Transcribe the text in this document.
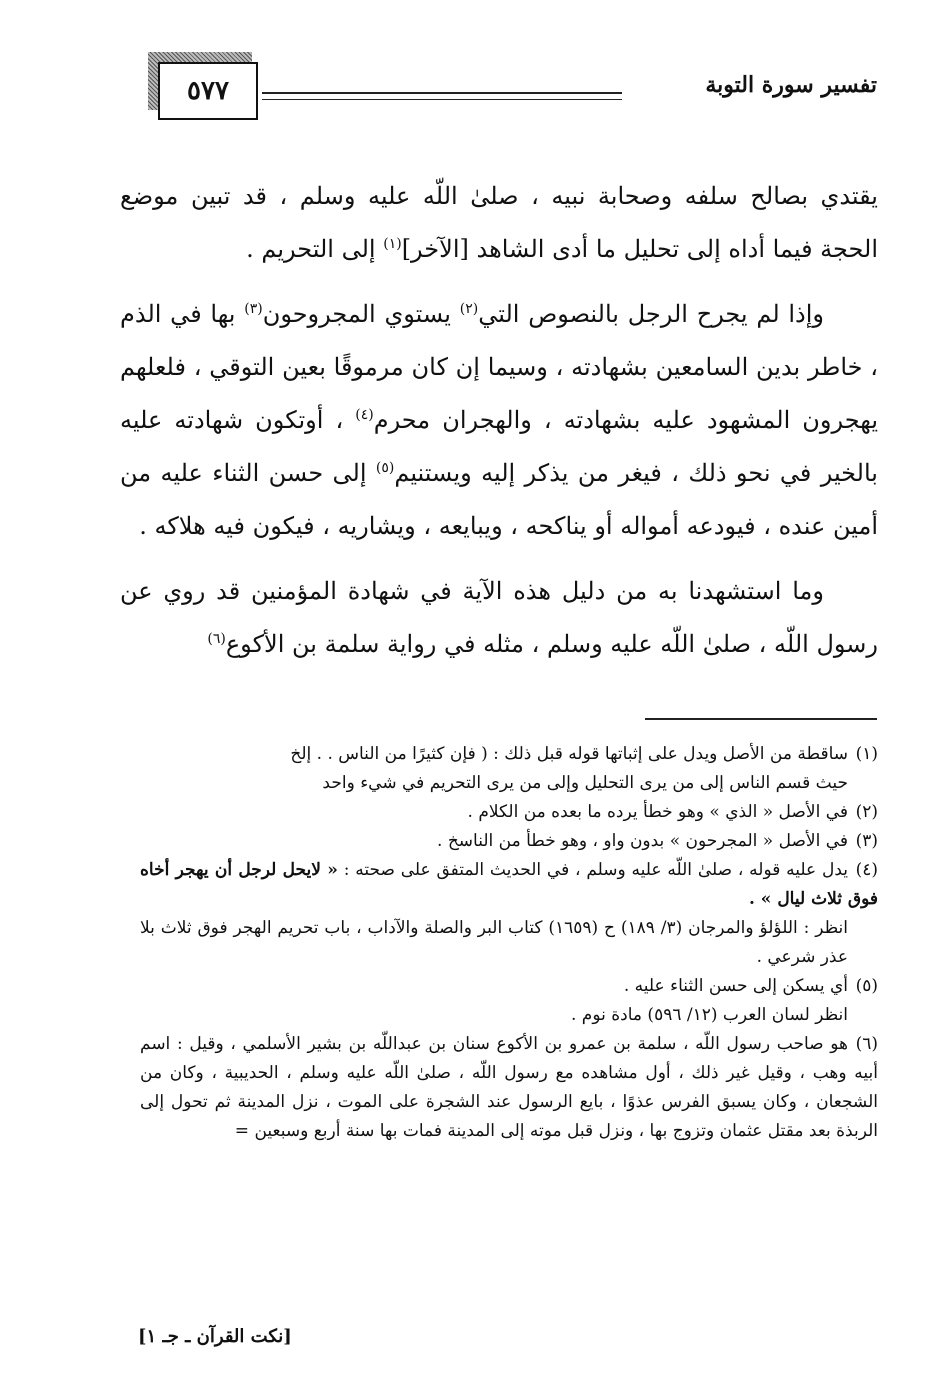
تفسير سورة التوبة
٥٧٧

يقتدي بصالح سلفه وصحابة نبيه ، صلىٰ اللّه عليه وسلم ، قد تبين موضع الحجة فيما أداه إلى تحليل ما أدى الشاهد [الآخر]$^{(١)}$ إلى التحريم .

وإذا لم يجرح الرجل بالنصوص التي$^{(٢)}$ يستوي المجروحون$^{(٣)}$ بها في الذم ، خاطر بدين السامعين بشهادته ، وسيما إن كان مرموقًا بعين التوقي ، فلعلهم يهجرون المشهود عليه بشهادته ، والهجران محرم$^{(٤)}$ ، أوتكون شهادته عليه بالخير في نحو ذلك ، فيغر من يذكر إليه ويستنيم$^{(٥)}$ إلى حسن الثناء عليه من أمين عنده ، فيودعه أمواله أو يناكحه ، ويبايعه ، ويشاريه ، فيكون فيه هلاكه .

وما استشهدنا به من دليل هذه الآية في شهادة المؤمنين قد روي عن رسول اللّه ، صلىٰ اللّه عليه وسلم ، مثله في رواية سلمة بن الأكوع$^{(٦)}$

(١)ساقطة من الأصل ويدل على إثباتها قوله قبل ذلك : ( فإن كثيرًا من الناس . . إلخ

حيث قسم الناس إلى من يرى التحليل وإلى من يرى التحريم في شيء واحد

(٢)في الأصل « الذي » وهو خطأ يرده ما بعده من الكلام .

(٣)في الأصل « المجرحون » بدون واو ، وهو خطأ من الناسخ .

(٤)يدل عليه قوله ، صلىٰ اللّه عليه وسلم ، في الحديث المتفق على صحته : « لايحل لرجل أن يهجر أخاه فوق ثلاث ليال » .

انظر : اللؤلؤ والمرجان (٣/ ١٨٩) ح (١٦٥٩) كتاب البر والصلة والآداب ، باب تحريم الهجر فوق ثلاث بلا عذر شرعي .

(٥)أي يسكن إلى حسن الثناء عليه .

انظر لسان العرب (١٢/ ٥٩٦) مادة نوم .

(٦)هو صاحب رسول اللّه ، سلمة بن عمرو بن الأكوع سنان بن عبداللّه بن بشير الأسلمي ، وقيل : اسم أبيه وهب ، وقيل غير ذلك ، أول مشاهده مع رسول اللّه ، صلىٰ اللّه عليه وسلم ، الحديبية ، وكان من الشجعان ، وكان يسبق الفرس عذوًا ، بايع الرسول عند الشجرة على الموت ، نزل المدينة ثم تحول إلى الربذة بعد مقتل عثمان وتزوج بها ، ونزل قبل موته إلى المدينة فمات بها سنة أربع وسبعين =

[نكت القرآن ـ جـ ١]
